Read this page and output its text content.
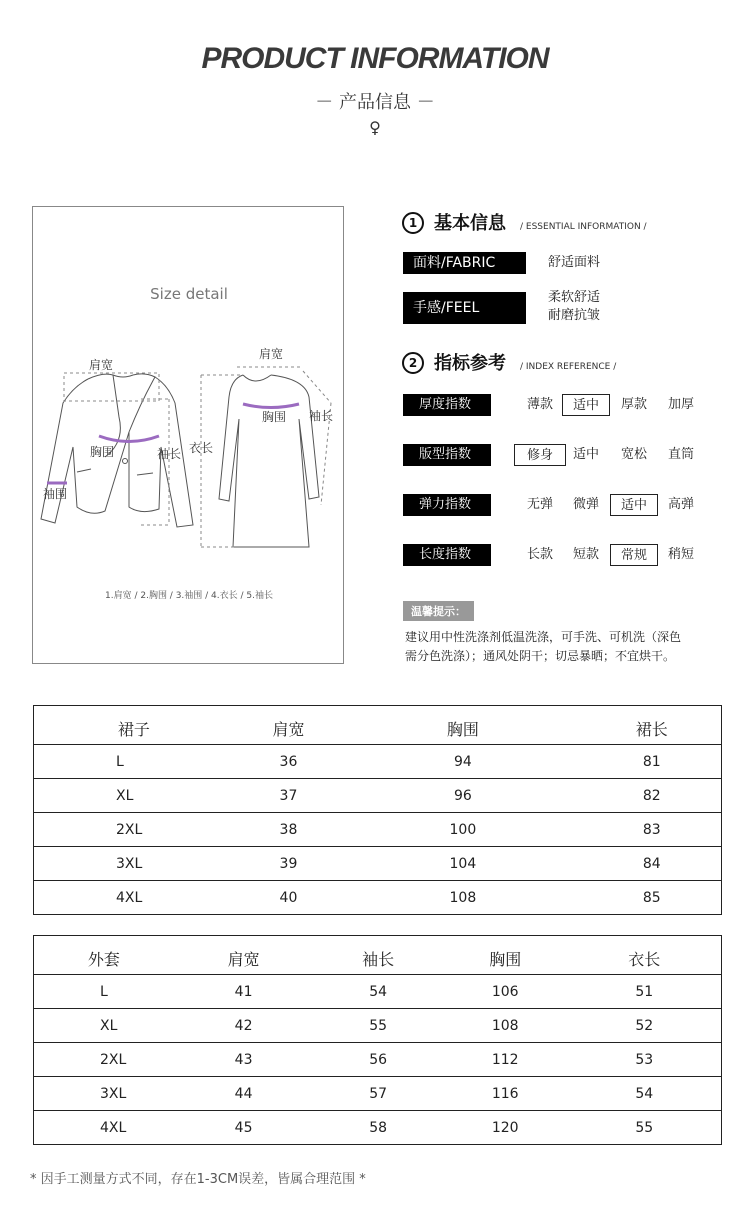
PRODUCT INFORMATION
－ 产品信息 －
♀
Size detail
肩宽
胸围	袖长
袖围
衣长
肩宽
胸围 袖长
1.肩宽 / 2.胸围 / 3.袖围 / 4.衣长 / 5.袖长
1 基本信息 / ESSENTIAL INFORMATION /
面料/FABRIC	舒适面料
手感/FEEL
柔软舒适
耐磨抗皱
2 指标参考 / INDEX REFERENCE /
厚度指数	薄款	适中	厚款	加厚
版型指数	修身	适中	宽松	直筒
弹力指数	无弹	微弹	适中	高弹
长度指数	长款	短款	常规	稍短
温馨提示：
建议用中性洗涤剂低温洗涤，可手洗、可机洗（深色
需分色洗涤）；通风处阴干；切忌暴晒；不宜烘干。
裙子	肩宽	胸围	裙长
L	36	94	81
XL	37	96	82
2XL	38	100	83
3XL	39	104	84
4XL	40	108	85
外套	肩宽	袖长	胸围	衣长
L	41	54	106	51
XL	42	55	108	52
2XL	43	56	112	53
3XL	44	57	116	54
4XL	45	58	120	55
* 因手工测量方式不同，存在1-3CM误差，皆属合理范围 *
